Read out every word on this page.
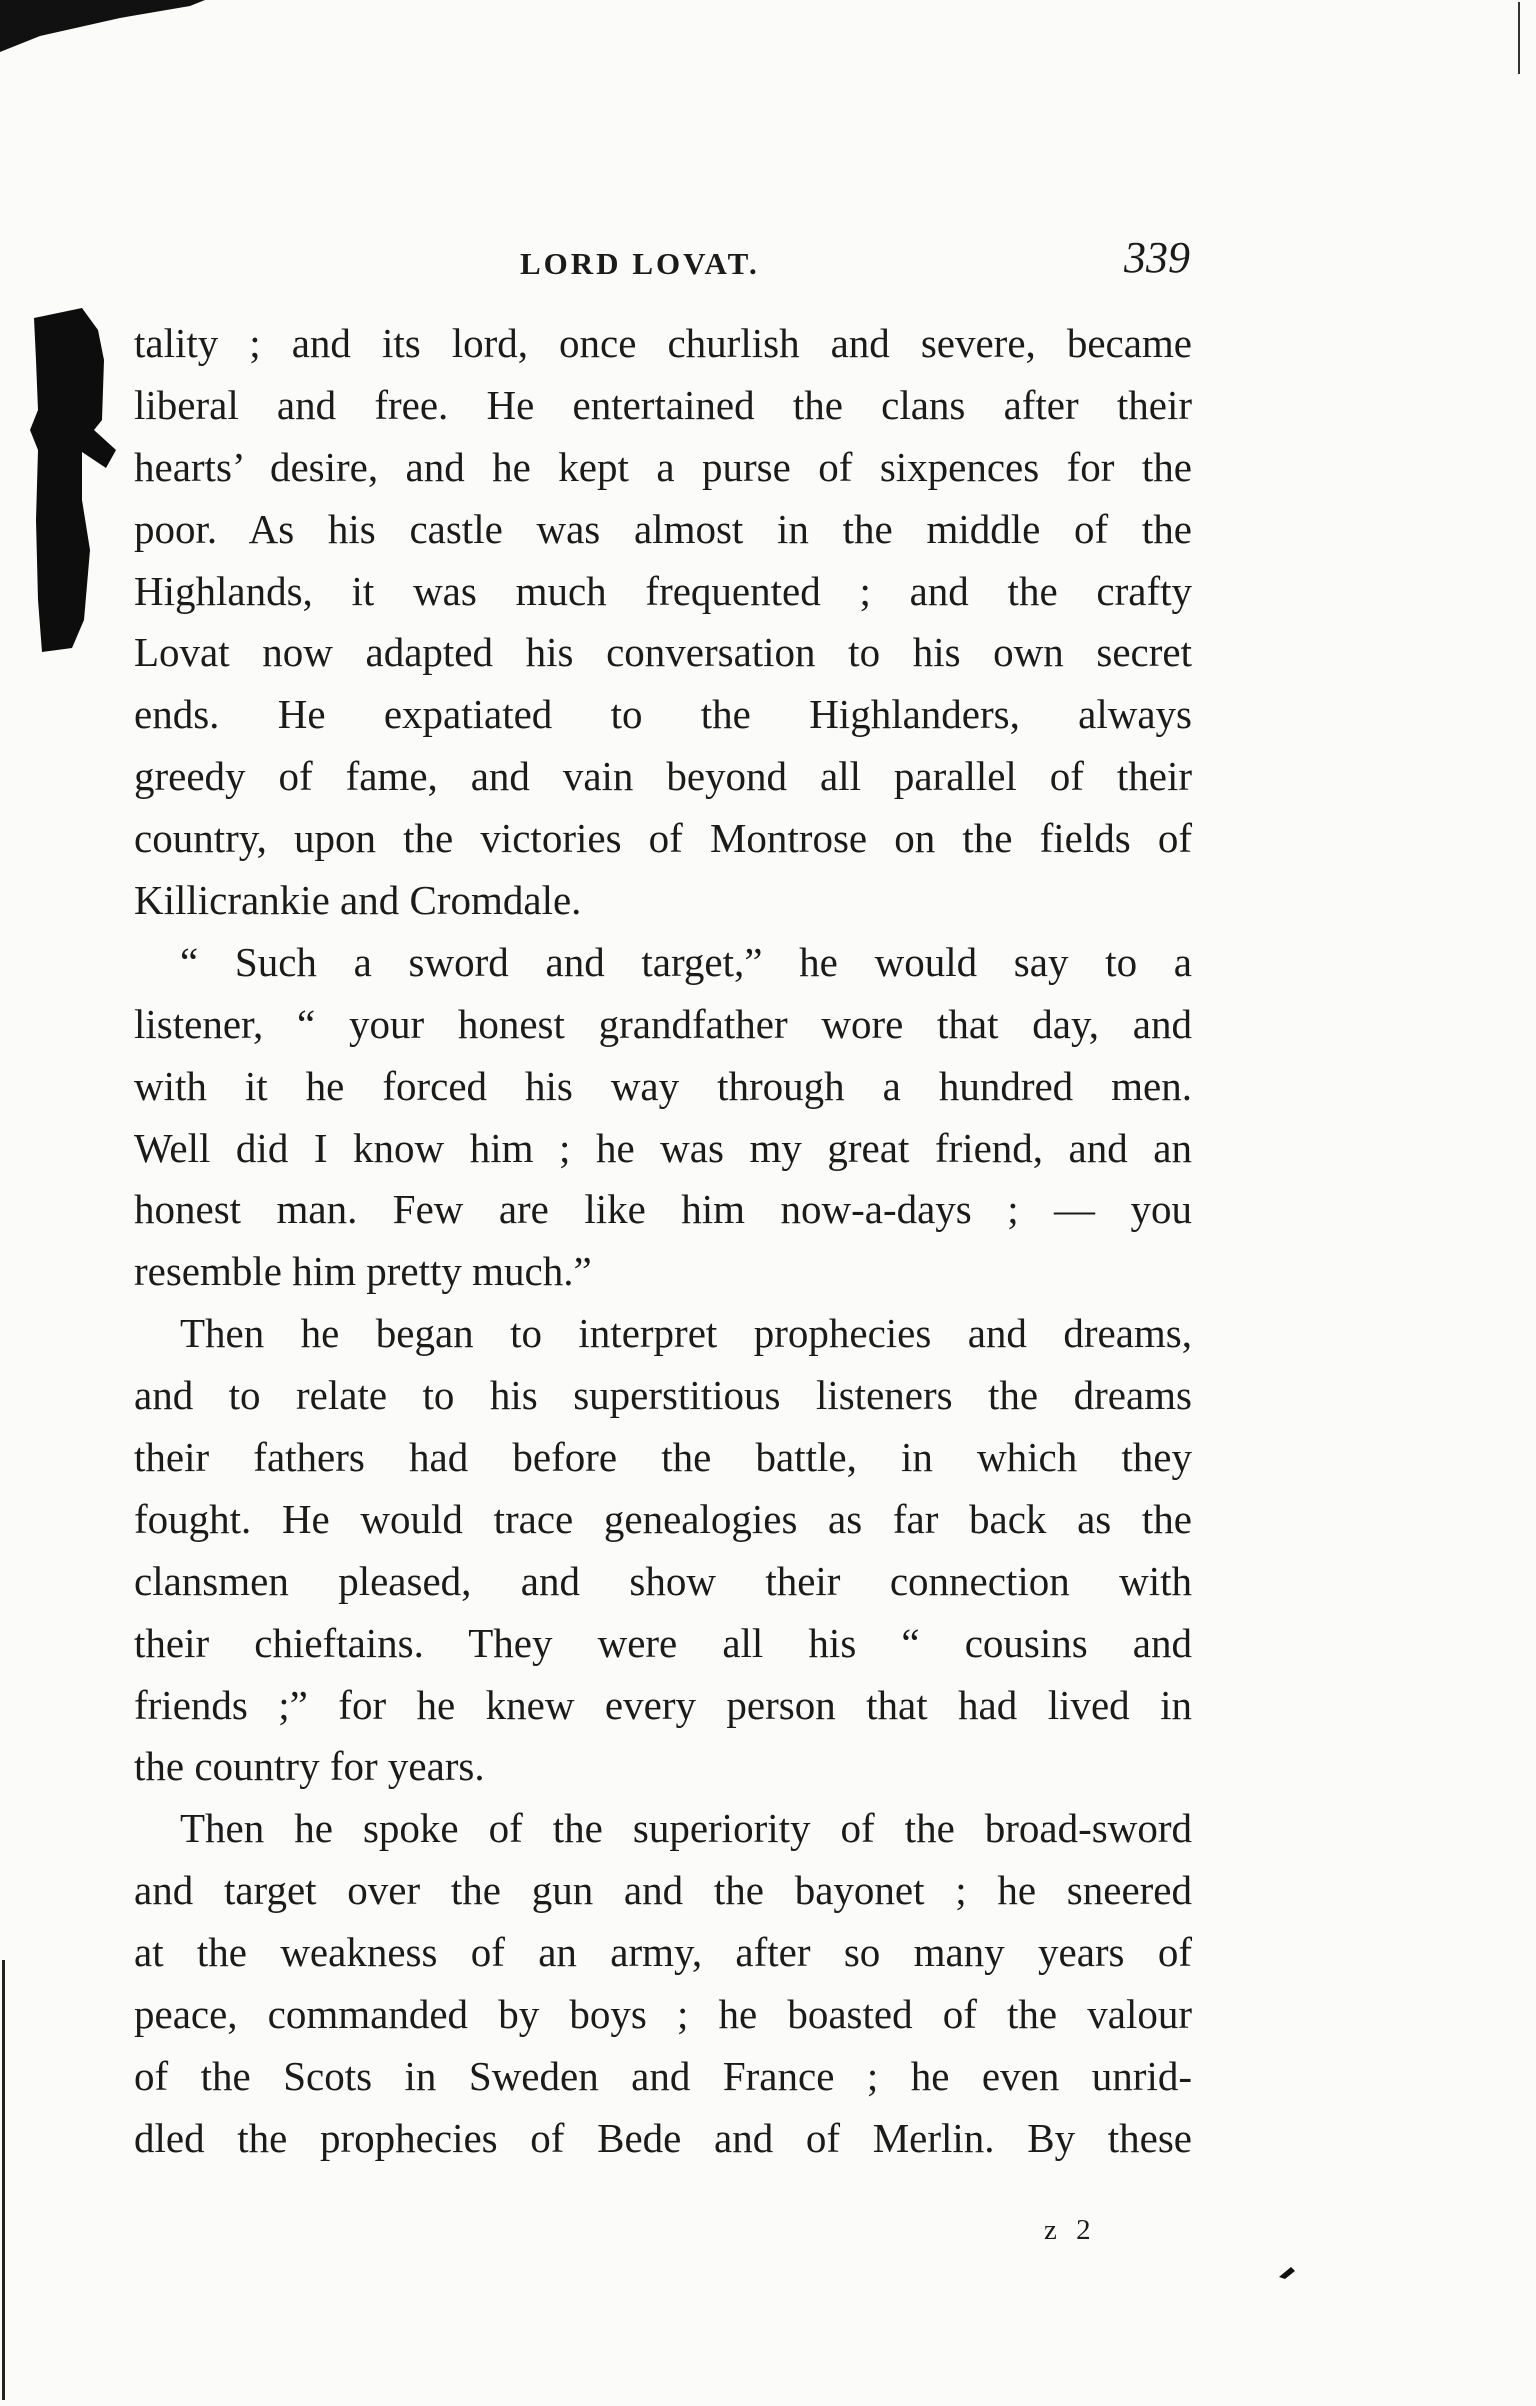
LORD LOVAT.	339
tality ; and its lord, once churlish and severe, became
liberal and free. He entertained the clans after their
hearts’ desire, and he kept a purse of sixpences for the
poor. As his castle was almost in the middle of the
Highlands, it was much frequented ; and the crafty
Lovat now adapted his conversation to his own secret
ends. He expatiated to the Highlanders, always
greedy of fame, and vain beyond all parallel of their
country, upon the victories of Montrose on the fields of
Killicrankie and Cromdale.
“ Such a sword and target,” he would say to a
listener, “ your honest grandfather wore that day, and
with it he forced his way through a hundred men.
Well did I know him ; he was my great friend, and an
honest man. Few are like him now-a-days ; — you
resemble him pretty much.”
Then he began to interpret prophecies and dreams,
and to relate to his superstitious listeners the dreams
their fathers had before the battle, in which they
fought. He would trace genealogies as far back as the
clansmen pleased, and show their connection with
their chieftains. They were all his “ cousins and
friends ;” for he knew every person that had lived in
the country for years.
Then he spoke of the superiority of the broad-sword
and target over the gun and the bayonet ; he sneered
at the weakness of an army, after so many years of
peace, commanded by boys ; he boasted of the valour
of the Scots in Sweden and France ; he even unrid-
dled the prophecies of Bede and of Merlin. By these
z 2
